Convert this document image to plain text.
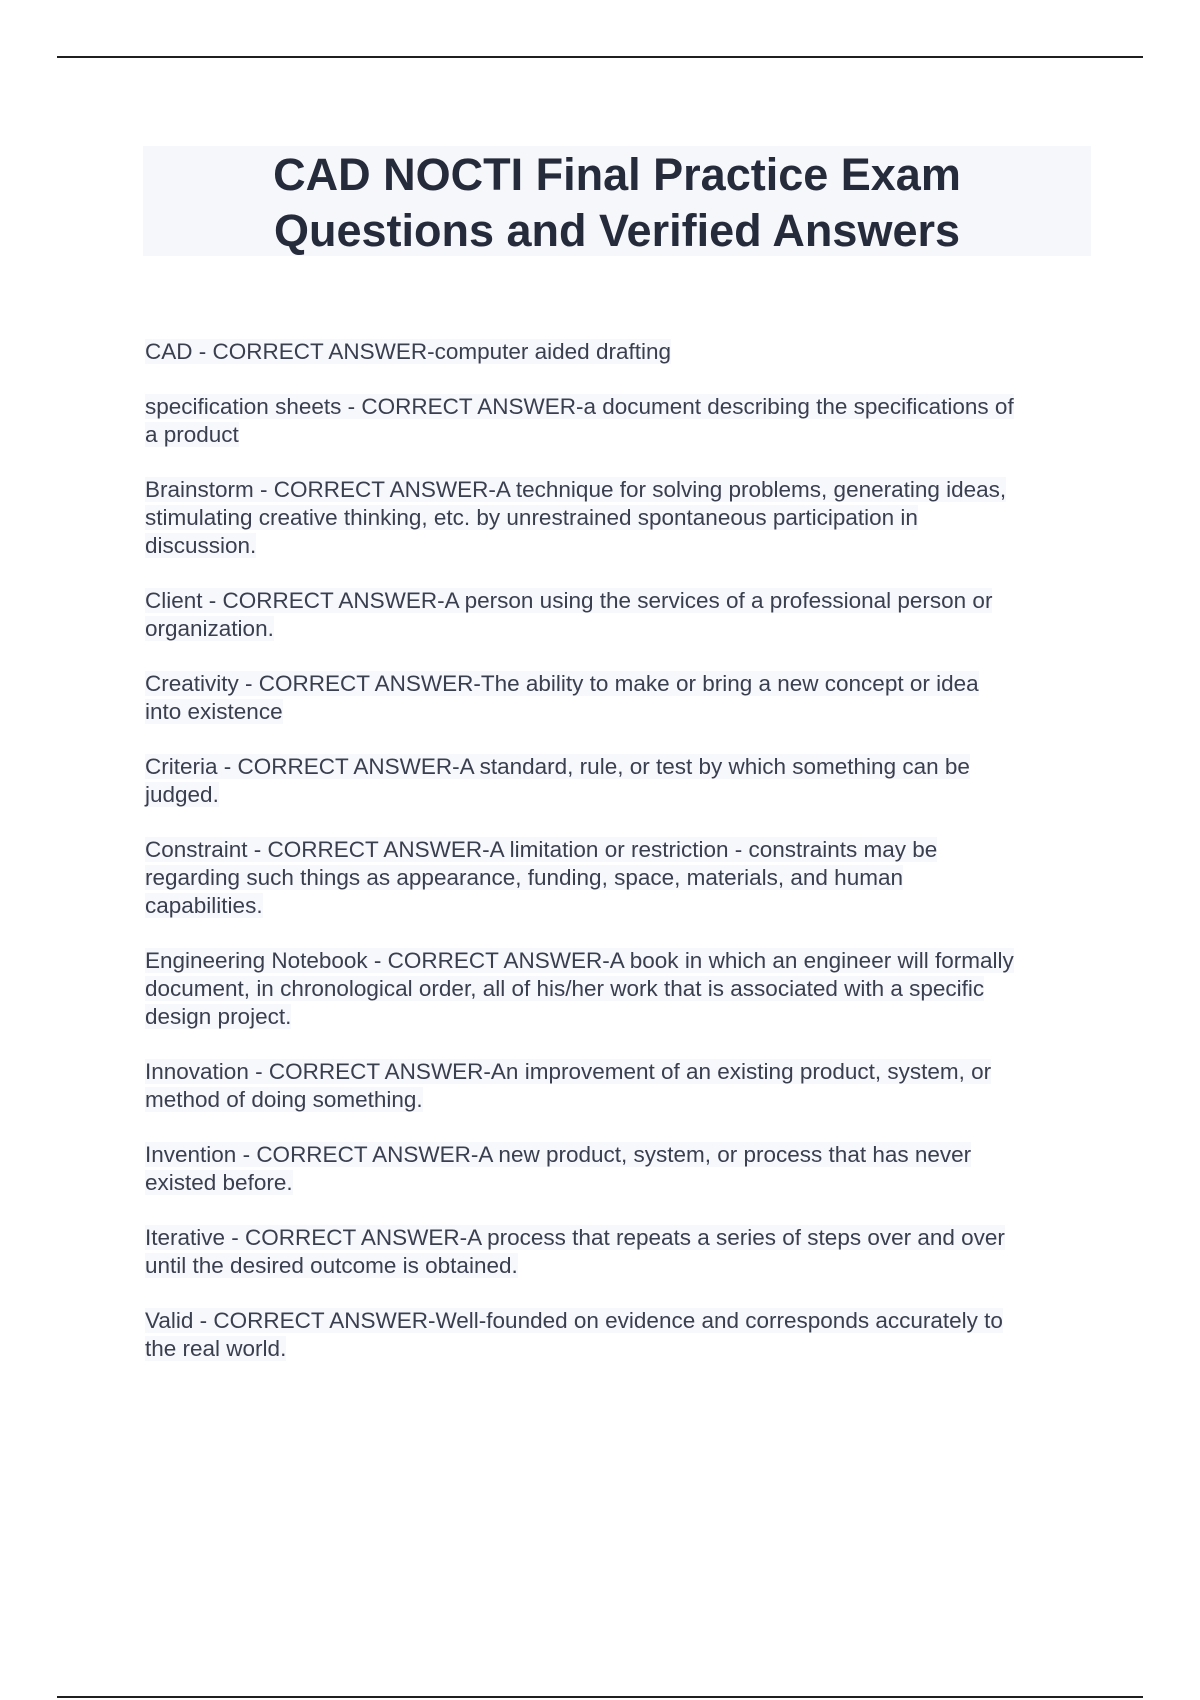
CAD NOCTI Final Practice Exam
Questions and Verified Answers

CAD - CORRECT ANSWER-computer aided drafting

specification sheets - CORRECT ANSWER-a document describing the specifications of
a product

Brainstorm - CORRECT ANSWER-A technique for solving problems, generating ideas,
stimulating creative thinking, etc. by unrestrained spontaneous participation in
discussion.

Client - CORRECT ANSWER-A person using the services of a professional person or
organization.

Creativity - CORRECT ANSWER-The ability to make or bring a new concept or idea
into existence

Criteria - CORRECT ANSWER-A standard, rule, or test by which something can be
judged.

Constraint - CORRECT ANSWER-A limitation or restriction - constraints may be
regarding such things as appearance, funding, space, materials, and human
capabilities.

Engineering Notebook - CORRECT ANSWER-A book in which an engineer will formally
document, in chronological order, all of his/her work that is associated with a specific
design project.

Innovation - CORRECT ANSWER-An improvement of an existing product, system, or
method of doing something.

Invention - CORRECT ANSWER-A new product, system, or process that has never
existed before.

Iterative - CORRECT ANSWER-A process that repeats a series of steps over and over
until the desired outcome is obtained.

Valid - CORRECT ANSWER-Well-founded on evidence and corresponds accurately to
the real world.
